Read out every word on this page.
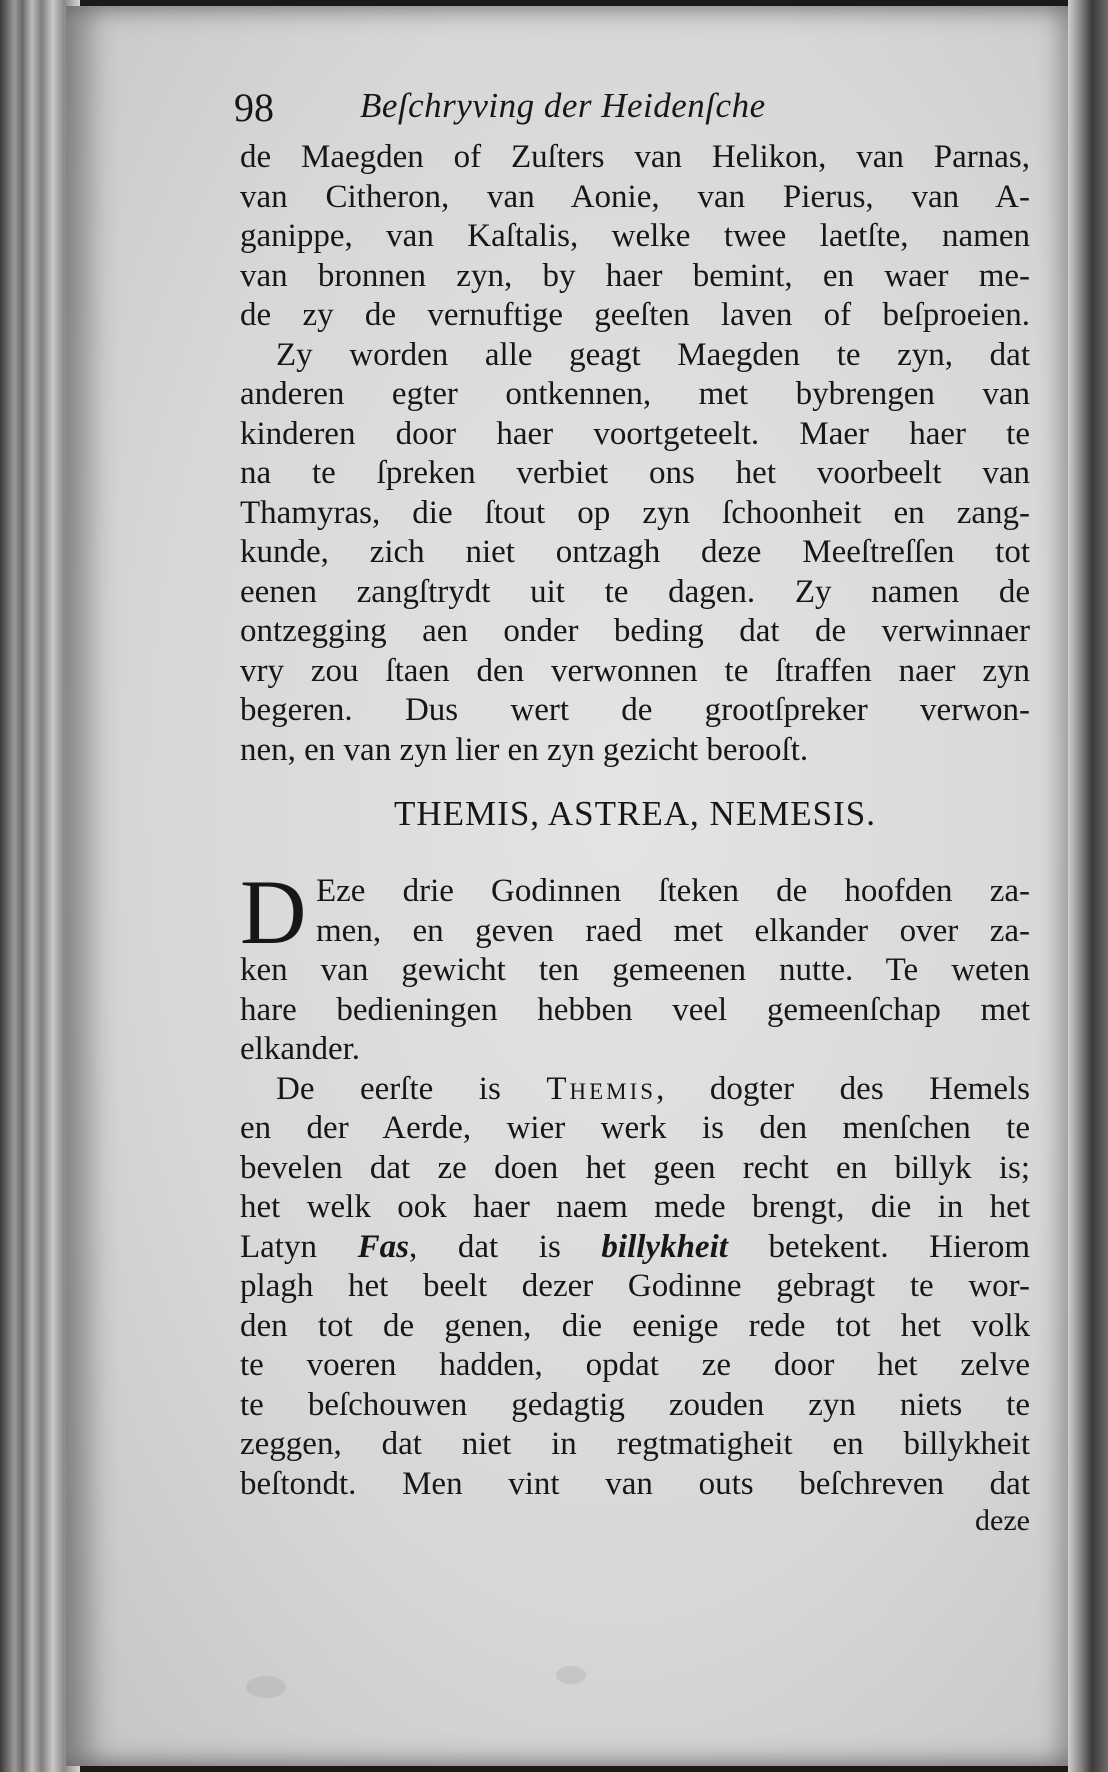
98 Beſchryving der Heidenſche
de Maegden of Zuſters van Helikon, van Parnas,
van Citheron, van Aonie, van Pierus, van A-
ganippe, van Kaſtalis, welke twee laetſte, namen
van bronnen zyn, by haer bemint, en waer me-
de zy de vernuftige geeſten laven of beſproeien.
Zy worden alle geagt Maegden te zyn, dat
anderen egter ontkennen, met bybrengen van
kinderen door haer voortgeteelt. Maer haer te
na te ſpreken verbiet ons het voorbeelt van
Thamyras, die ſtout op zyn ſchoonheit en zang-
kunde, zich niet ontzagh deze Meeſtreſſen tot
eenen zangſtrydt uit te dagen. Zy namen de
ontzegging aen onder beding dat de verwinnaer
vry zou ſtaen den verwonnen te ſtraffen naer zyn
begeren. Dus wert de grootſpreker verwon-
nen, en van zyn lier en zyn gezicht berooſt.
THEMIS, ASTREA, NEMESIS.
D Eze drie Godinnen ſteken de hoofden za-
men, en geven raed met elkander over za-
ken van gewicht ten gemeenen nutte. Te weten
hare bedieningen hebben veel gemeenſchap met
elkander.
De eerſte is Themis, dogter des Hemels
en der Aerde, wier werk is den menſchen te
bevelen dat ze doen het geen recht en billyk is;
het welk ook haer naem mede brengt, die in het
Latyn Fas, dat is billykheit betekent. Hierom
plagh het beelt dezer Godinne gebragt te wor-
den tot de genen, die eenige rede tot het volk
te voeren hadden, opdat ze door het zelve
te beſchouwen gedagtig zouden zyn niets te
zeggen, dat niet in regtmatigheit en billykheit
beſtondt. Men vint van outs beſchreven dat
deze
